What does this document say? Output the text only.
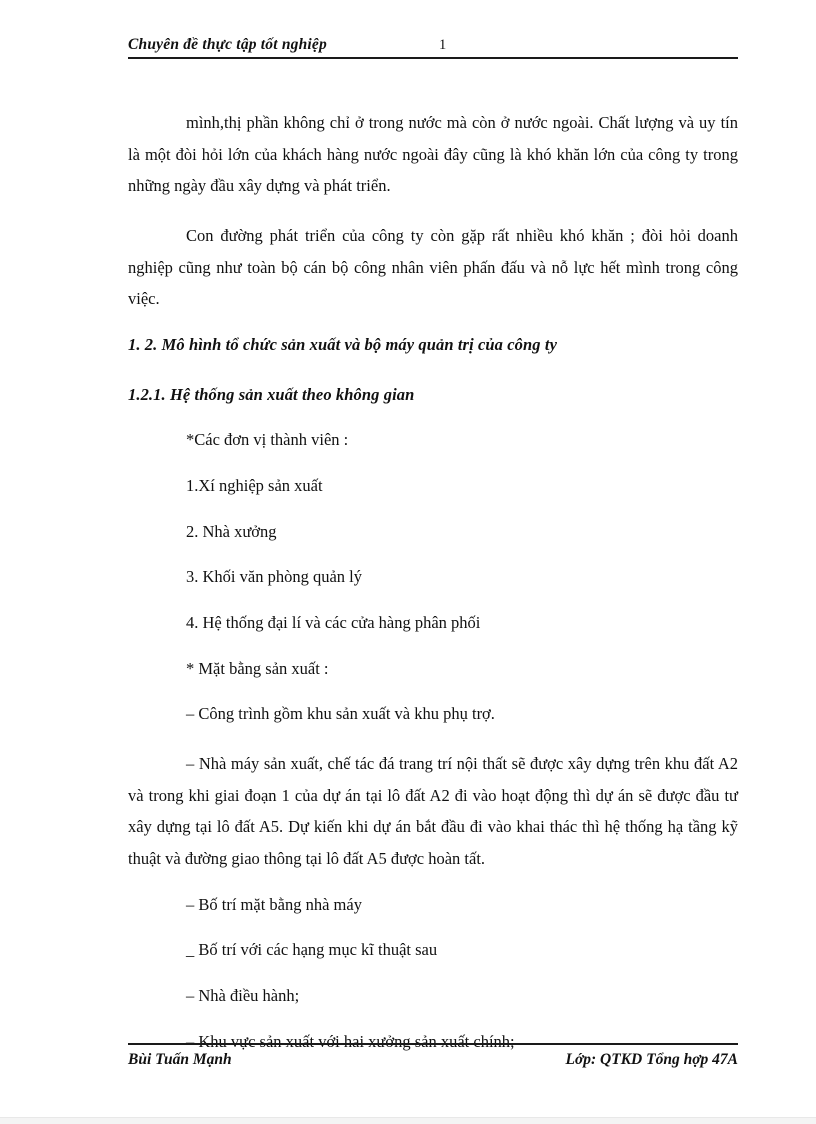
Chuyên đề thực tập tốt nghiệp	1

mình,thị phần không chỉ ở trong nước mà còn ở nước ngoài. Chất lượng và uy tín là một đòi hỏi lớn của khách hàng nước ngoài đây cũng là khó khăn lớn của công ty trong những ngày đầu xây dựng và phát triển.

Con đường phát triển của công ty còn gặp rất nhiều khó khăn ; đòi hỏi doanh nghiệp cũng như toàn bộ cán bộ công nhân viên phấn đấu và nỗ lực hết mình trong công việc.

1. 2. Mô hình tổ chức sản xuất và bộ máy quản trị của công ty

1.2.1. Hệ thống sản xuất theo không gian

*Các đơn vị thành viên :

1.Xí nghiệp sản xuất

2. Nhà xưởng

3. Khối văn phòng quản lý

4. Hệ thống đại lí và các cửa hàng phân phối

* Mặt bằng sản xuất :

– Công trình gồm khu sản xuất và khu phụ trợ.

– Nhà máy sản xuất, chế tác đá trang trí nội thất sẽ được xây dựng trên khu đất A2 và trong khi giai đoạn 1 của dự án tại lô đất A2 đi vào hoạt động thì dự án sẽ được đầu tư xây dựng tại lô đất A5. Dự kiến khi dự án bắt đầu đi vào khai thác thì hệ thống hạ tầng kỹ thuật và đường giao thông tại lô đất A5 được hoàn tất.

– Bố trí mặt bằng nhà máy

_ Bố trí với các hạng mục kĩ thuật sau

– Nhà điều hành;

– Khu vực sản xuất với hai xưởng sản xuất chính;

Bùi Tuấn Mạnh	Lớp: QTKD Tổng hợp 47A
